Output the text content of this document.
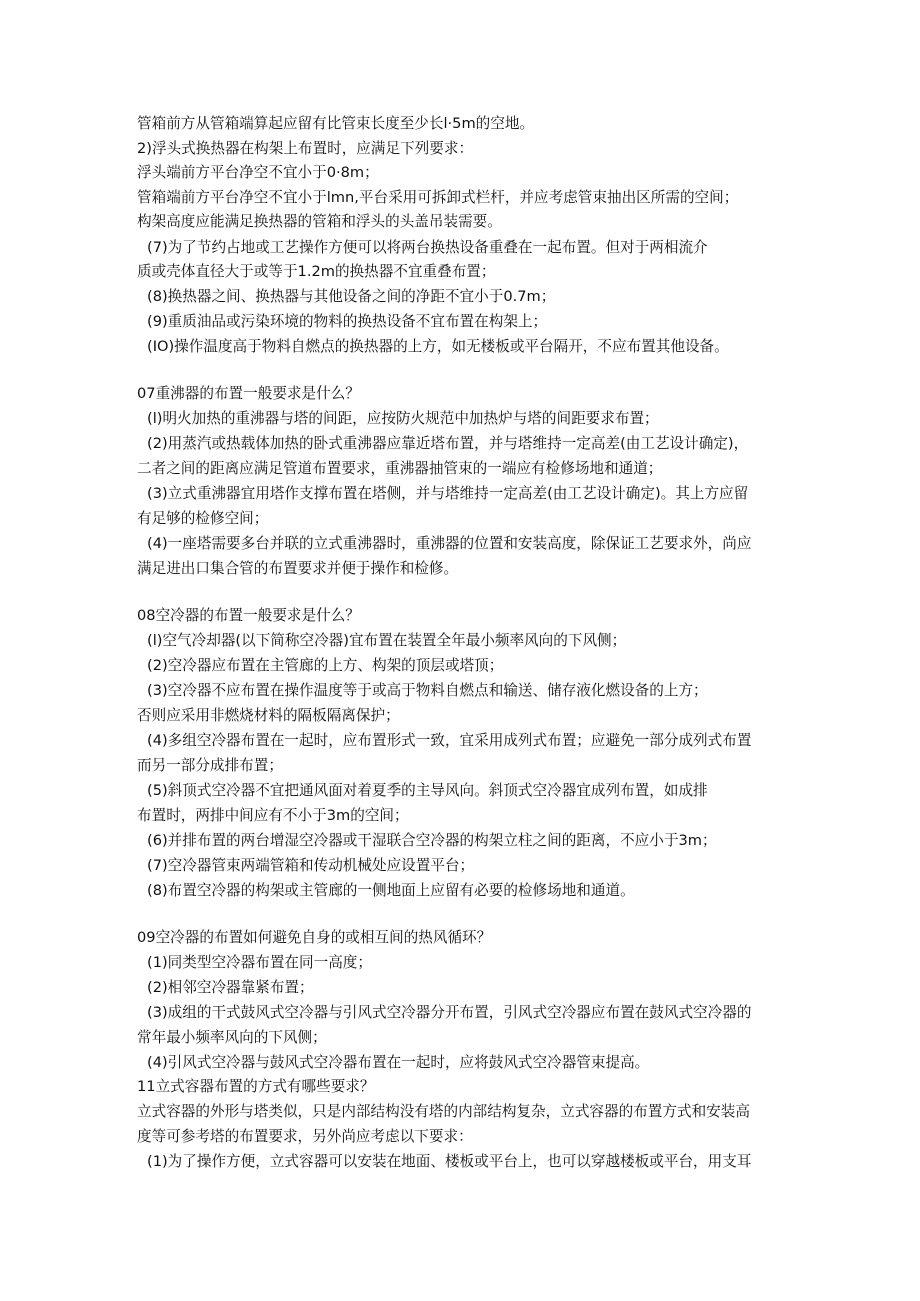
管箱前方从管箱端算起应留有比管束长度至少长l·5m的空地。
2)浮头式换热器在构架上布置时，应满足下列要求：
浮头端前方平台净空不宜小于0·8m；
管箱端前方平台净空不宜小于lmn,平台采用可拆卸式栏杆，并应考虑管束抽出区所需的空间；
构架高度应能满足换热器的管箱和浮头的头盖吊装需要。
(7)为了节约占地或工艺操作方便可以将两台换热设备重叠在一起布置。但对于两相流介
质或壳体直径大于或等于1.2m的换热器不宜重叠布置；
(8)换热器之间、换热器与其他设备之间的净距不宜小于0.7m；
(9)重质油品或污染环境的物料的换热设备不宜布置在构架上；
(IO)操作温度高于物料自燃点的换热器的上方，如无楼板或平台隔开，不应布置其他设备。
07重沸器的布置一般要求是什么？
(l)明火加热的重沸器与塔的间距，应按防火规范中加热炉与塔的间距要求布置；
(2)用蒸汽或热载体加热的卧式重沸器应靠近塔布置，并与塔维持一定高差(由工艺设计确定)，
二者之间的距离应满足管道布置要求，重沸器抽管束的一端应有检修场地和通道；
(3)立式重沸器宜用塔作支撑布置在塔侧，并与塔维持一定高差(由工艺设计确定)。其上方应留
有足够的检修空间；
(4)一座塔需要多台并联的立式重沸器时，重沸器的位置和安装高度，除保证工艺要求外，尚应
满足进出口集合管的布置要求并便于操作和检修。
08空冷器的布置一般要求是什么？
(l)空气冷却器(以下简称空冷器)宜布置在装置全年最小频率风向的下风侧；
(2)空冷器应布置在主管廊的上方、构架的顶层或塔顶；
(3)空冷器不应布置在操作温度等于或高于物料自燃点和输送、储存液化燃设备的上方；
否则应采用非燃烧材料的隔板隔离保护；
(4)多组空冷器布置在一起时，应布置形式一致，宜采用成列式布置；应避免一部分成列式布置
而另一部分成排布置；
(5)斜顶式空冷器不宜把通风面对着夏季的主导风向。斜顶式空冷器宜成列布置，如成排
布置时，两排中间应有不小于3m的空间；
(6)并排布置的两台增湿空冷器或干湿联合空冷器的构架立柱之间的距离，不应小于3m；
(7)空冷器管束两端管箱和传动机械处应设置平台；
(8)布置空冷器的构架或主管廊的一侧地面上应留有必要的检修场地和通道。
09空冷器的布置如何避免自身的或相互间的热风循环？
(1)同类型空冷器布置在同一高度；
(2)相邻空冷器靠紧布置；
(3)成组的干式鼓风式空冷器与引风式空冷器分开布置，引风式空冷器应布置在鼓风式空冷器的
常年最小频率风向的下风侧；
(4)引风式空冷器与鼓风式空冷器布置在一起时，应将鼓风式空冷器管束提高。
11立式容器布置的方式有哪些要求？
立式容器的外形与塔类似，只是内部结构没有塔的内部结构复杂，立式容器的布置方式和安装高
度等可参考塔的布置要求，另外尚应考虑以下要求：
(1)为了操作方便，立式容器可以安装在地面、楼板或平台上，也可以穿越楼板或平台，用支耳
